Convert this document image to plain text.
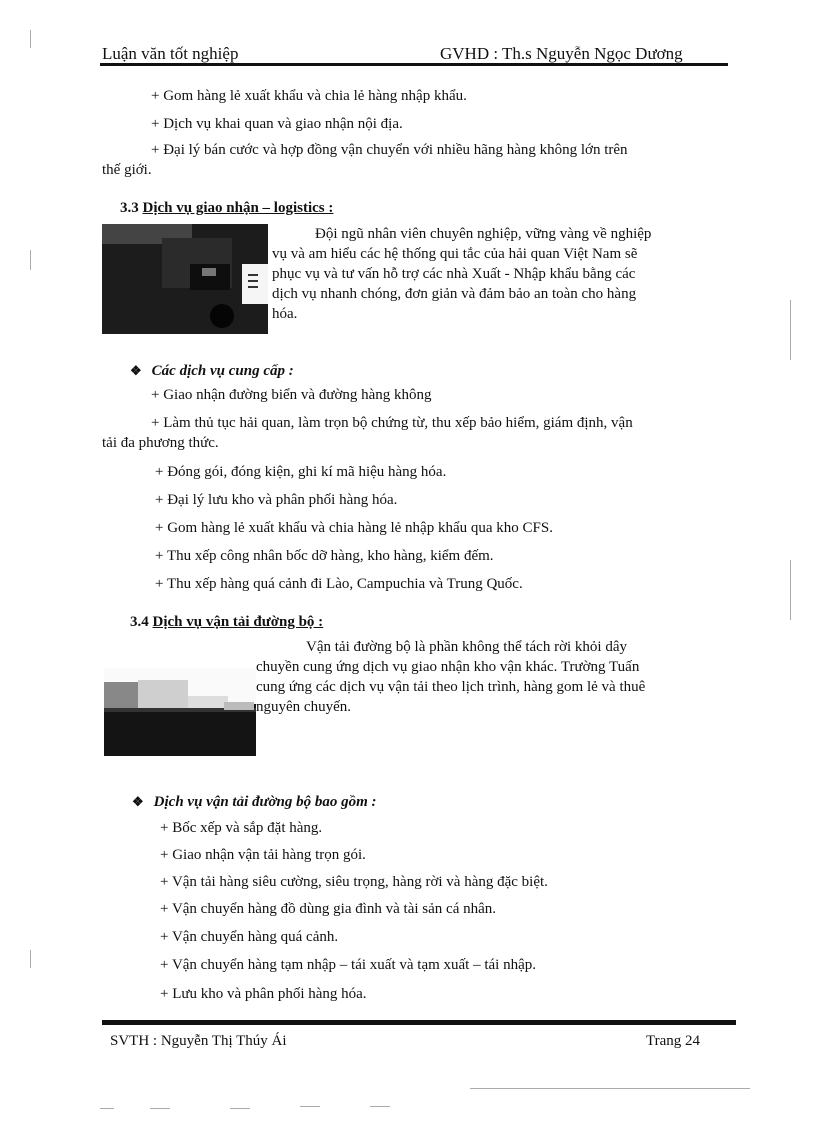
Luận văn tốt nghiệp	GVHD : Th.s Nguyễn Ngọc Dương
+ Gom hàng lẻ xuất khẩu và chia lẻ hàng nhập khẩu.
+ Dịch vụ khai quan và giao nhận nội địa.
+ Đại lý bán cước và hợp đồng vận chuyển với nhiều hãng hàng không lớn trên
thế giới.
3.3 Dịch vụ giao nhận – logistics :
Đội ngũ nhân viên chuyên nghiệp, vững vàng về nghiệp
vụ và am hiểu các hệ thống qui tắc của hải quan Việt Nam sẽ
phục vụ và tư vấn hỗ trợ các nhà Xuất - Nhập khẩu bằng các
dịch vụ nhanh chóng, đơn giản và đảm bảo an toàn cho hàng
hóa.
❖ Các dịch vụ cung cấp :
+ Giao nhận đường biển và đường hàng không
+ Làm thủ tục hải quan, làm trọn bộ chứng từ, thu xếp bảo hiểm, giám định, vận
tải đa phương thức.
+ Đóng gói, đóng kiện, ghi kí mã hiệu hàng hóa.
+ Đại lý lưu kho và phân phối hàng hóa.
+ Gom hàng lẻ xuất khẩu và chia hàng lẻ nhập khẩu qua kho CFS.
+ Thu xếp công nhân bốc dỡ hàng, kho hàng, kiểm đếm.
+ Thu xếp hàng quá cảnh đi Lào, Campuchia và Trung Quốc.
3.4 Dịch vụ vận tải đường bộ :
Vận tải đường bộ là phần không thể tách rời khỏi dây
chuyền cung ứng dịch vụ giao nhận kho vận khác. Trường Tuấn
cung ứng các dịch vụ vận tải theo lịch trình, hàng gom lẻ và thuê
nguyên chuyến.
❖ Dịch vụ vận tải đường bộ bao gồm :
+ Bốc xếp và sắp đặt hàng.
+ Giao nhận vận tải hàng trọn gói.
+ Vận tải hàng siêu cường, siêu trọng, hàng rời và hàng đặc biệt.
+ Vận chuyển hàng đồ dùng gia đình và tài sản cá nhân.
+ Vận chuyển hàng quá cảnh.
+ Vận chuyển hàng tạm nhập – tái xuất và tạm xuất – tái nhập.
+ Lưu kho và phân phối hàng hóa.
SVTH : Nguyễn Thị Thúy Ái	Trang 24
